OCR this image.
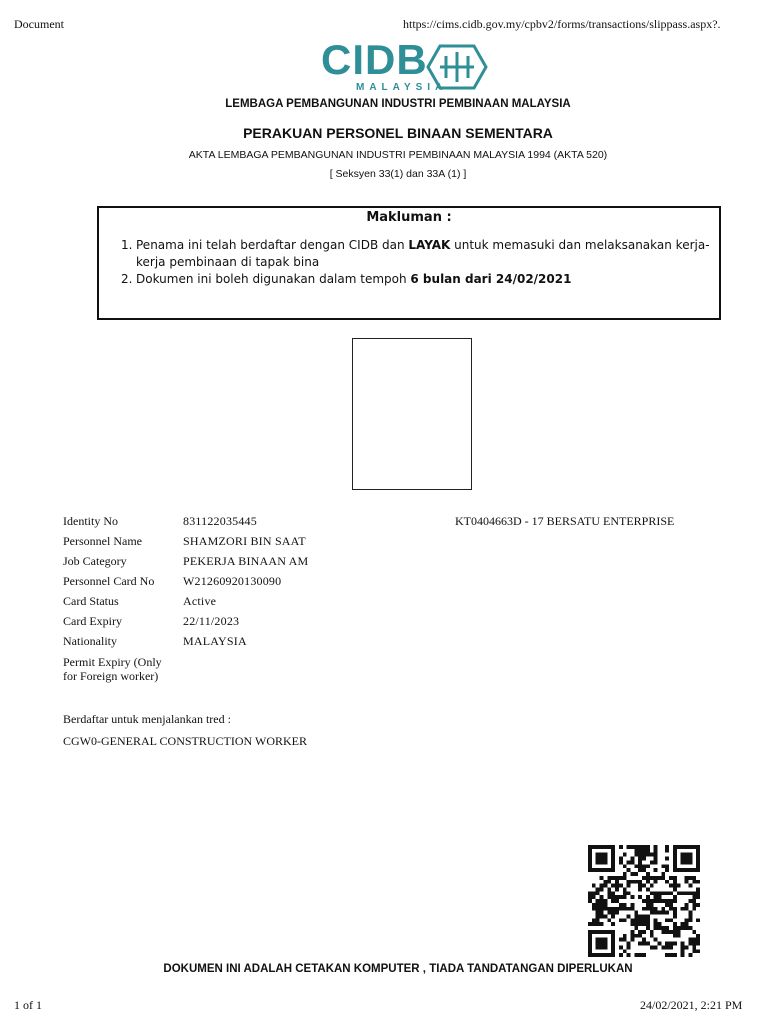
Document	https://cims.cidb.gov.my/cpbv2/forms/transactions/slippass.aspx?.
CIDB
MALAYSIA
LEMBAGA PEMBANGUNAN INDUSTRI PEMBINAAN MALAYSIA
PERAKUAN PERSONEL BINAAN SEMENTARA
AKTA LEMBAGA PEMBANGUNAN INDUSTRI PEMBINAAN MALAYSIA 1994 (AKTA 520)
[ Seksyen 33(1) dan 33A (1) ]
Makluman :
1. Penama ini telah berdaftar dengan CIDB dan LAYAK untuk memasuki dan melaksanakan kerja-kerja pembinaan di tapak bina
2. Dokumen ini boleh digunakan dalam tempoh 6 bulan dari 24/02/2021
Identity No	831122035445
Personnel Name	SHAMZORI BIN SAAT
Job Category	PEKERJA BINAAN AM
Personnel Card No W21260920130090
Card Status	Active
Card Expiry	22/11/2023
Nationality	MALAYSIA
Permit Expiry (Only
for Foreign worker)
KT0404663D - 17 BERSATU ENTERPRISE
Berdaftar untuk menjalankan tred :
CGW0-GENERAL CONSTRUCTION WORKER
DOKUMEN INI ADALAH CETAKAN KOMPUTER , TIADA TANDATANGAN DIPERLUKAN
1 of 1	24/02/2021, 2:21 PM
